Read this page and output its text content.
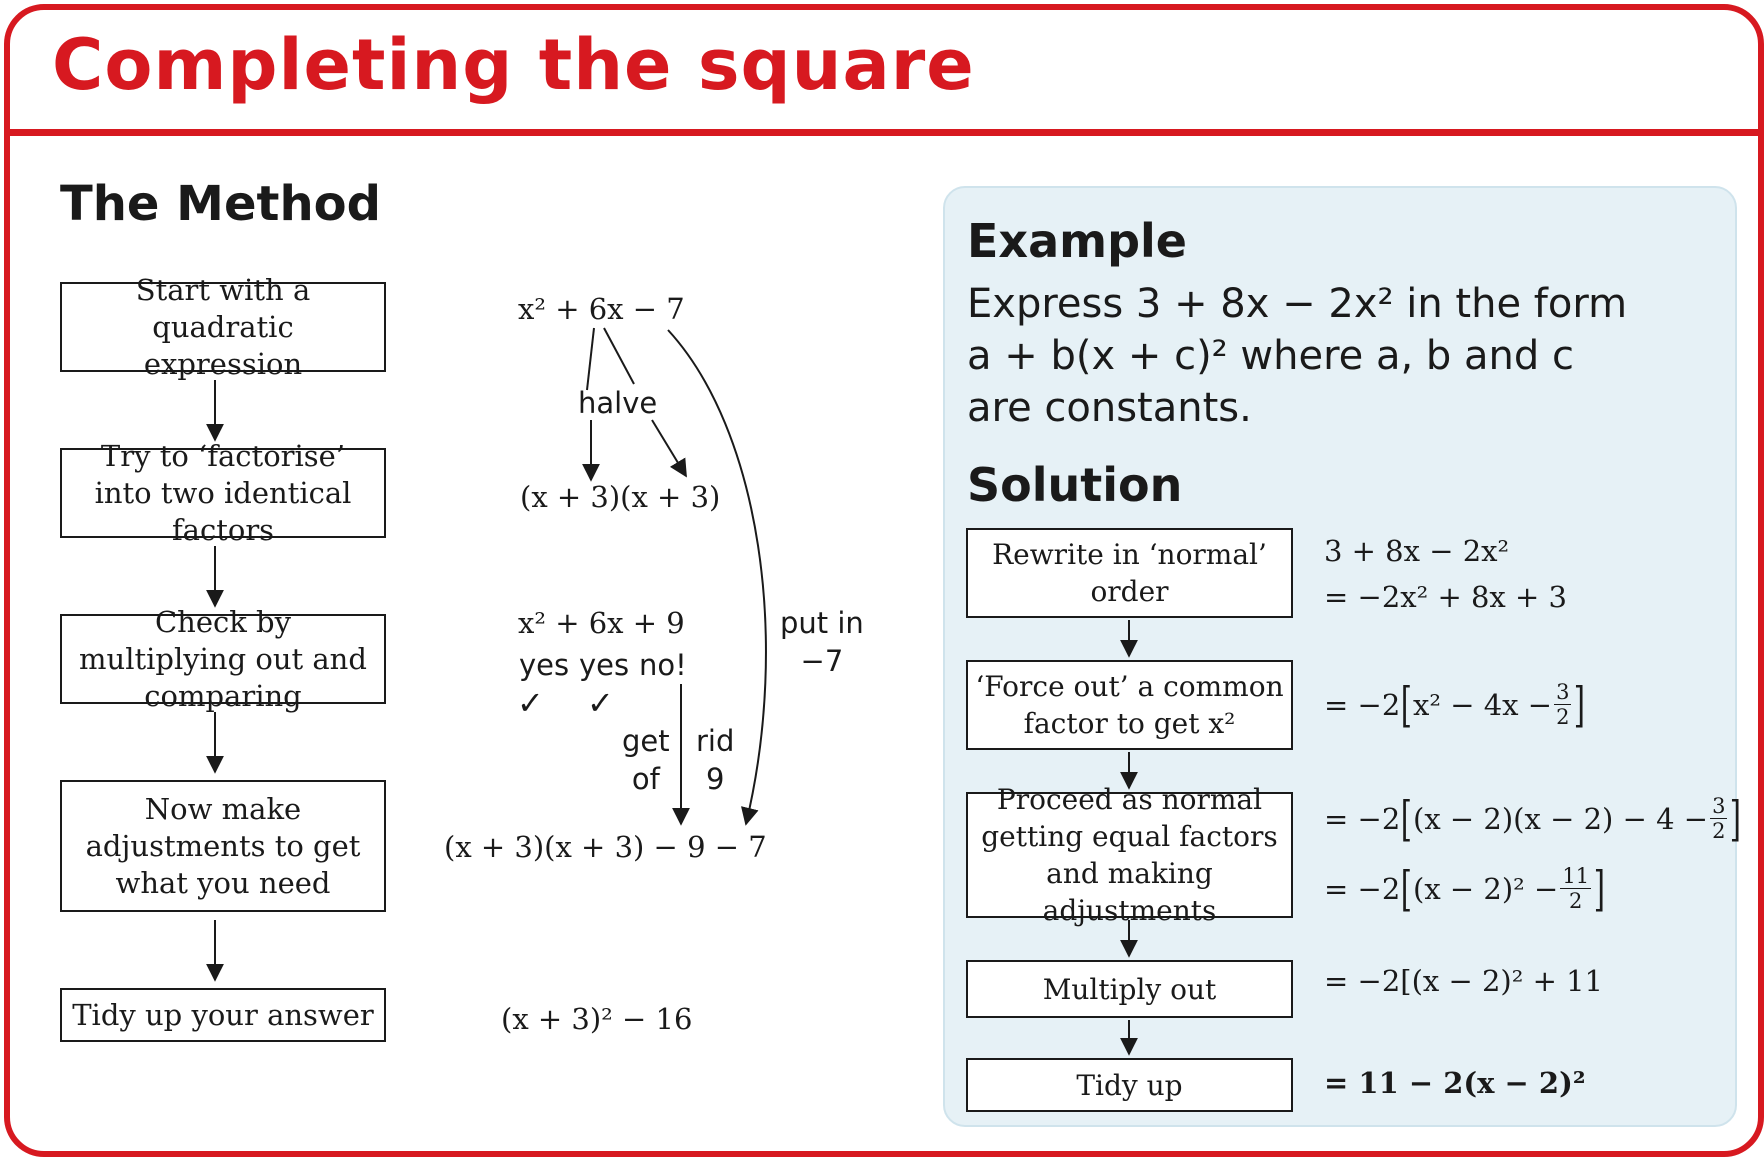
Completing the square
The Method
Start with a quadratic expression
Try to ‘factorise’ into two identical factors
Check by multiplying out and comparing
Now make adjustments to get what you need
Tidy up your answer
x² + 6x − 7
halve
(x + 3)(x + 3)
x² + 6x + 9
yes yes no!
✓ ✓
get
of
rid
9
put in
−7
(x + 3)(x + 3) − 9 − 7
(x + 3)² − 16
Example
Express 3 + 8x − 2x² in the form
a + b(x + c)² where a, b and c
are constants.
Solution
Rewrite in ‘normal’ order
‘Force out’ a common factor to get x²
Proceed as normal getting equal factors and making adjustments
Multiply out
Tidy up
3 + 8x − 2x²
= −2x² + 8x + 3
= −2 [ $x^2 - 4x - \frac{3}{2}$ ]
= −2 [ $(x - 2)(x - 2) - 4 - \frac{3}{2}$ ]
= −2 [ $(x - 2)^2 - \frac{11}{2}$ ]
= −2[(x − 2)² + 11
= 11 − 2(x − 2)²
